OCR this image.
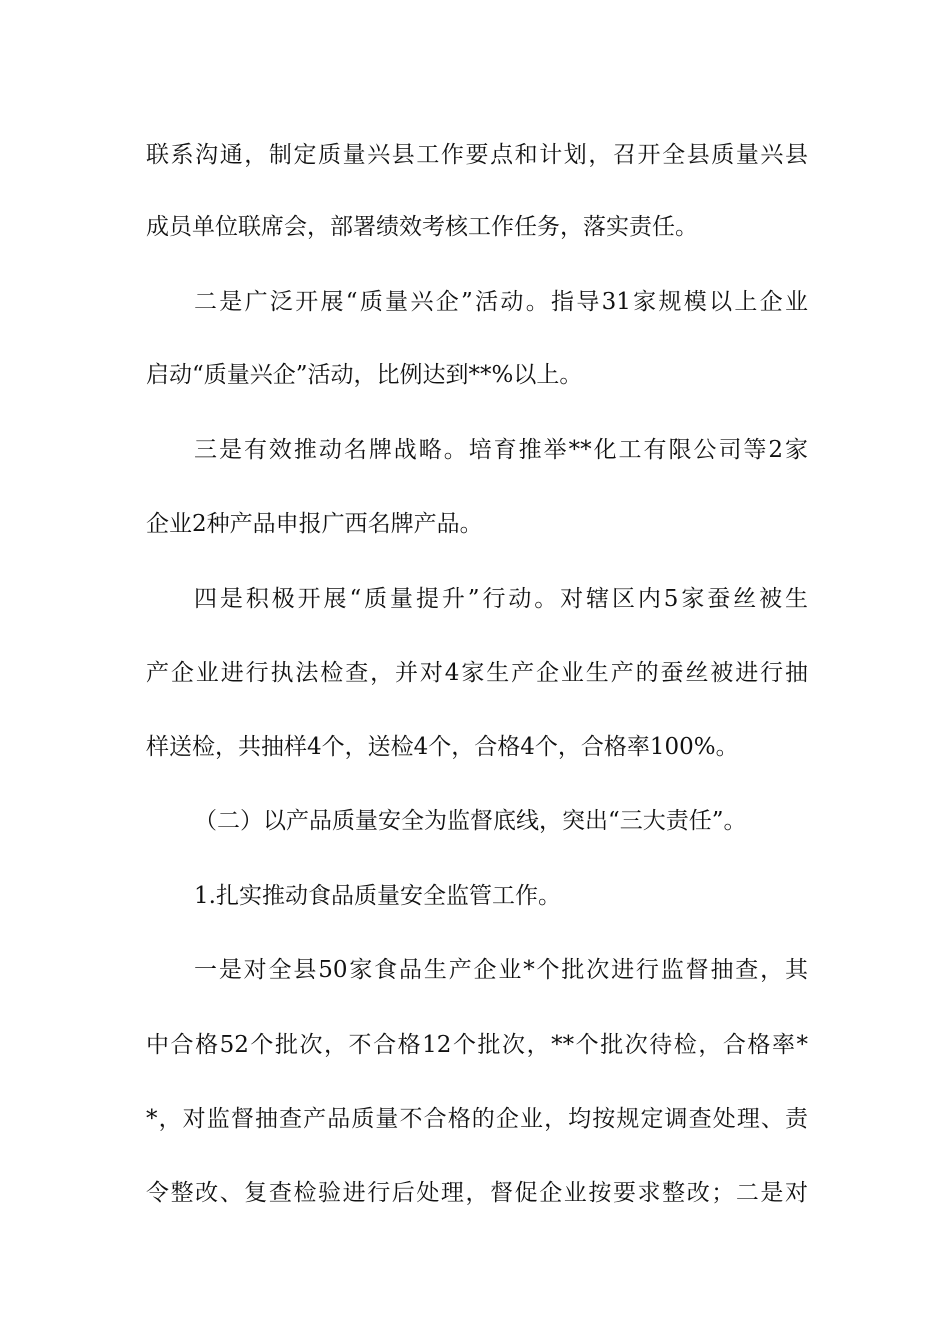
联系沟通，制定质量兴县工作要点和计划，召开全县质量兴县
成员单位联席会，部署绩效考核工作任务，落实责任。
二是广泛开展“质量兴企”活动。指导31家规模以上企业
启动“质量兴企”活动，比例达到**%以上。
三是有效推动名牌战略。培育推举**化工有限公司等2家
企业2种产品申报广西名牌产品。
四是积极开展“质量提升”行动。对辖区内5家蚕丝被生
产企业进行执法检查，并对4家生产企业生产的蚕丝被进行抽
样送检，共抽样4个，送检4个，合格4个，合格率100%。
（二）以产品质量安全为监督底线，突出“三大责任”。
1.扎实推动食品质量安全监管工作。
一是对全县50家食品生产企业*个批次进行监督抽查，其
中合格52个批次，不合格12个批次，**个批次待检，合格率*
*，对监督抽查产品质量不合格的企业，均按规定调查处理、责
令整改、复查检验进行后处理，督促企业按要求整改；二是对
